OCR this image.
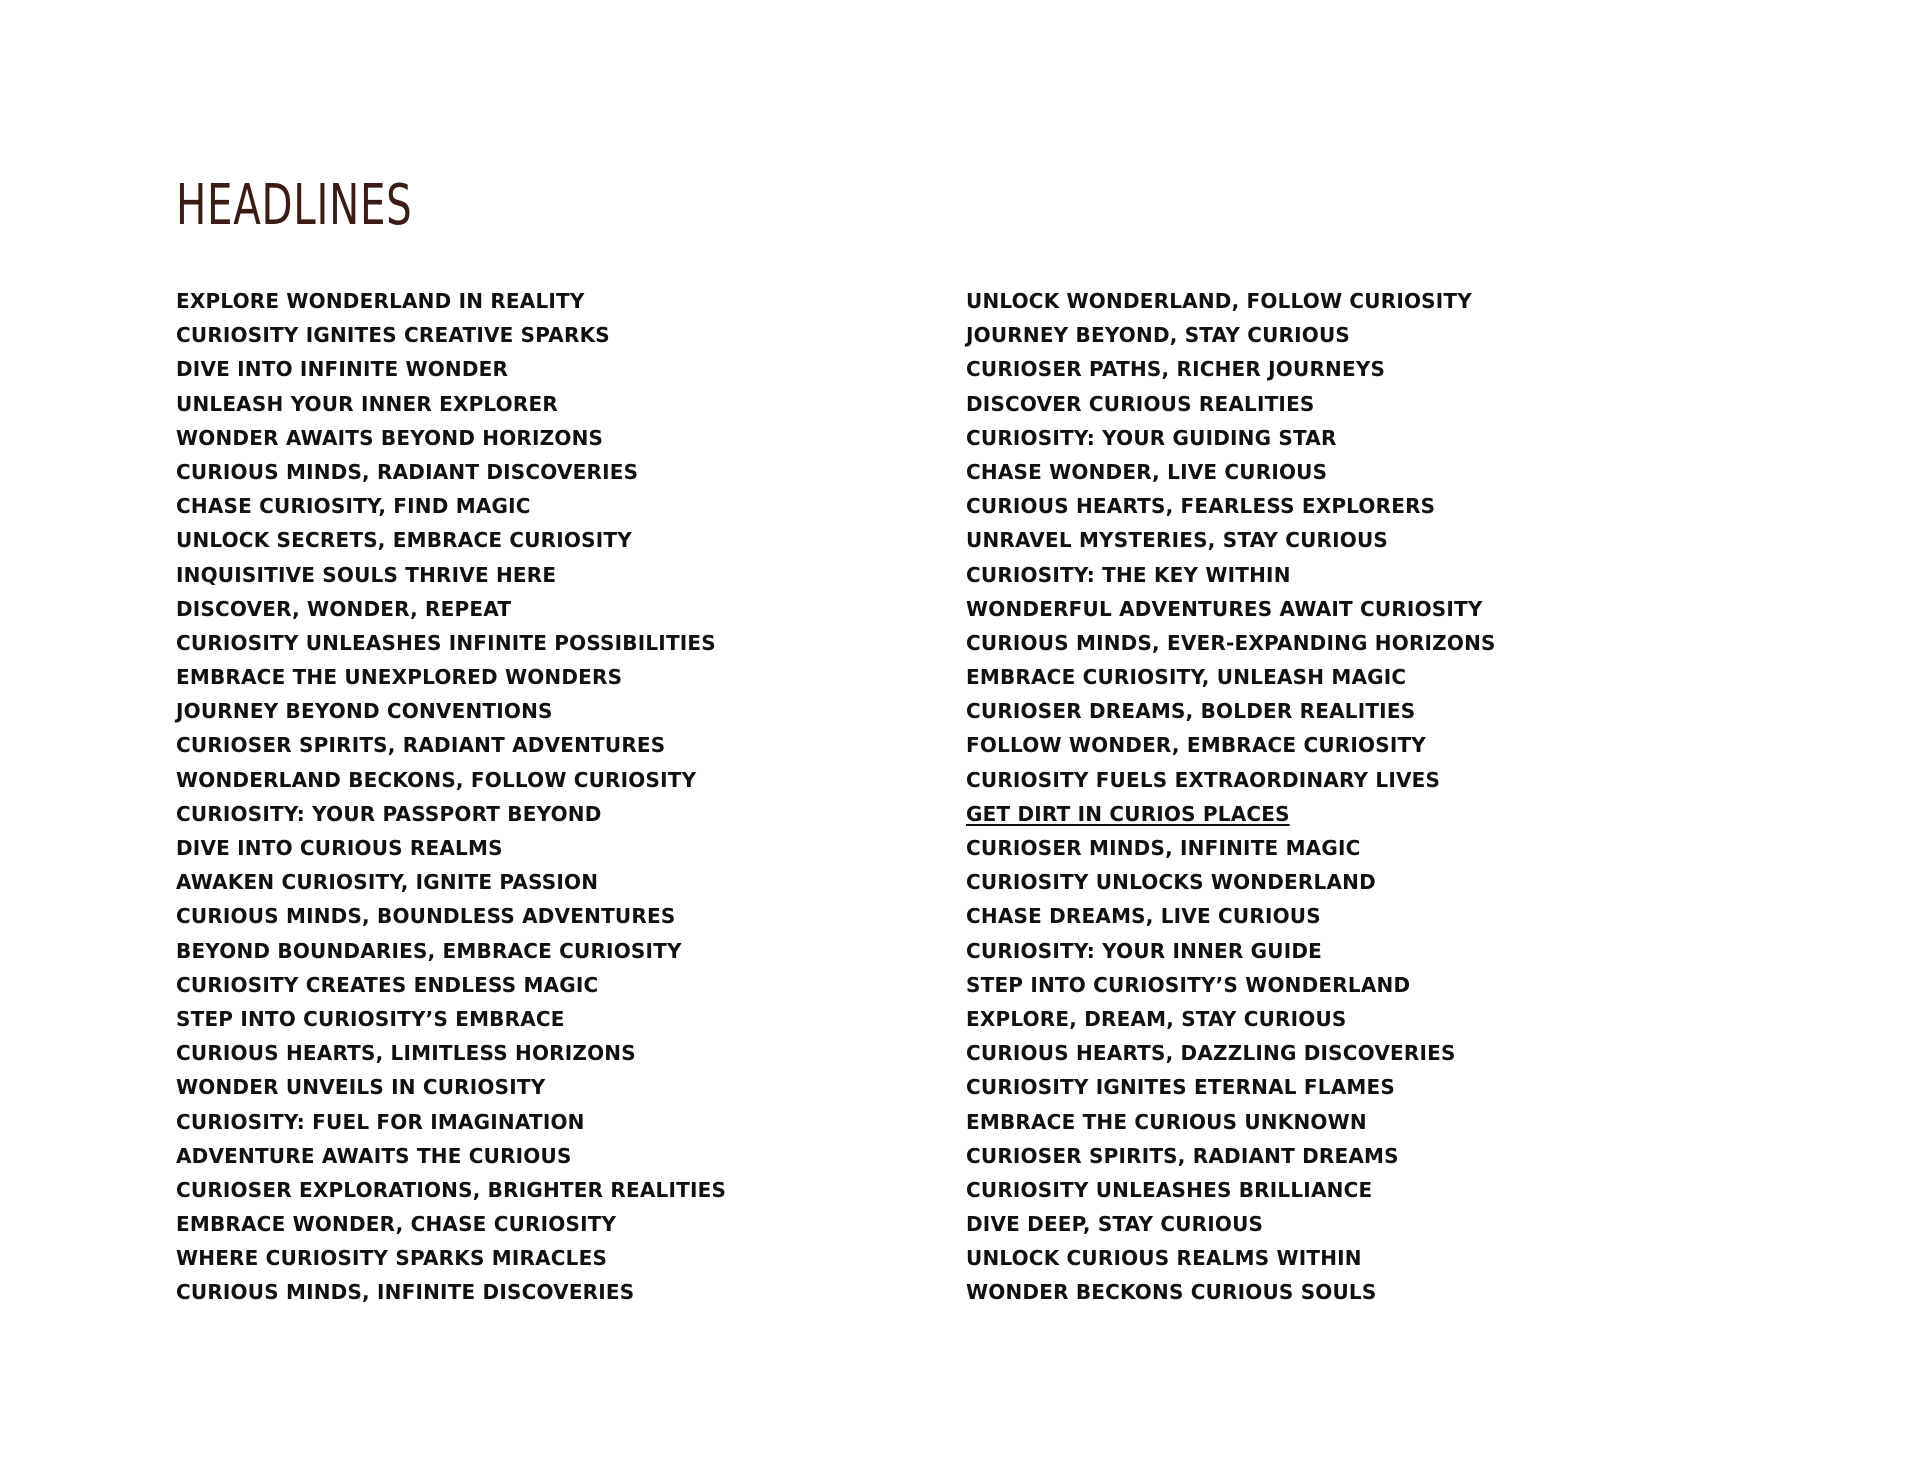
HEADLINES
EXPLORE WONDERLAND IN REALITY
CURIOSITY IGNITES CREATIVE SPARKS
DIVE INTO INFINITE WONDER
UNLEASH YOUR INNER EXPLORER
WONDER AWAITS BEYOND HORIZONS
CURIOUS MINDS, RADIANT DISCOVERIES
CHASE CURIOSITY, FIND MAGIC
UNLOCK SECRETS, EMBRACE CURIOSITY
INQUISITIVE SOULS THRIVE HERE
DISCOVER, WONDER, REPEAT
CURIOSITY UNLEASHES INFINITE POSSIBILITIES
EMBRACE THE UNEXPLORED WONDERS
JOURNEY BEYOND CONVENTIONS
CURIOSER SPIRITS, RADIANT ADVENTURES
WONDERLAND BECKONS, FOLLOW CURIOSITY
CURIOSITY: YOUR PASSPORT BEYOND
DIVE INTO CURIOUS REALMS
AWAKEN CURIOSITY, IGNITE PASSION
CURIOUS MINDS, BOUNDLESS ADVENTURES
BEYOND BOUNDARIES, EMBRACE CURIOSITY
CURIOSITY CREATES ENDLESS MAGIC
STEP INTO CURIOSITY’S EMBRACE
CURIOUS HEARTS, LIMITLESS HORIZONS
WONDER UNVEILS IN CURIOSITY
CURIOSITY: FUEL FOR IMAGINATION
ADVENTURE AWAITS THE CURIOUS
CURIOSER EXPLORATIONS, BRIGHTER REALITIES
EMBRACE WONDER, CHASE CURIOSITY
WHERE CURIOSITY SPARKS MIRACLES
CURIOUS MINDS, INFINITE DISCOVERIES
UNLOCK WONDERLAND, FOLLOW CURIOSITY
JOURNEY BEYOND, STAY CURIOUS
CURIOSER PATHS, RICHER JOURNEYS
DISCOVER CURIOUS REALITIES
CURIOSITY: YOUR GUIDING STAR
CHASE WONDER, LIVE CURIOUS
CURIOUS HEARTS, FEARLESS EXPLORERS
UNRAVEL MYSTERIES, STAY CURIOUS
CURIOSITY: THE KEY WITHIN
WONDERFUL ADVENTURES AWAIT CURIOSITY
CURIOUS MINDS, EVER-EXPANDING HORIZONS
EMBRACE CURIOSITY, UNLEASH MAGIC
CURIOSER DREAMS, BOLDER REALITIES
FOLLOW WONDER, EMBRACE CURIOSITY
CURIOSITY FUELS EXTRAORDINARY LIVES
GET DIRT IN CURIOS PLACES
CURIOSER MINDS, INFINITE MAGIC
CURIOSITY UNLOCKS WONDERLAND
CHASE DREAMS, LIVE CURIOUS
CURIOSITY: YOUR INNER GUIDE
STEP INTO CURIOSITY’S WONDERLAND
EXPLORE, DREAM, STAY CURIOUS
CURIOUS HEARTS, DAZZLING DISCOVERIES
CURIOSITY IGNITES ETERNAL FLAMES
EMBRACE THE CURIOUS UNKNOWN
CURIOSER SPIRITS, RADIANT DREAMS
CURIOSITY UNLEASHES BRILLIANCE
DIVE DEEP, STAY CURIOUS
UNLOCK CURIOUS REALMS WITHIN
WONDER BECKONS CURIOUS SOULS
